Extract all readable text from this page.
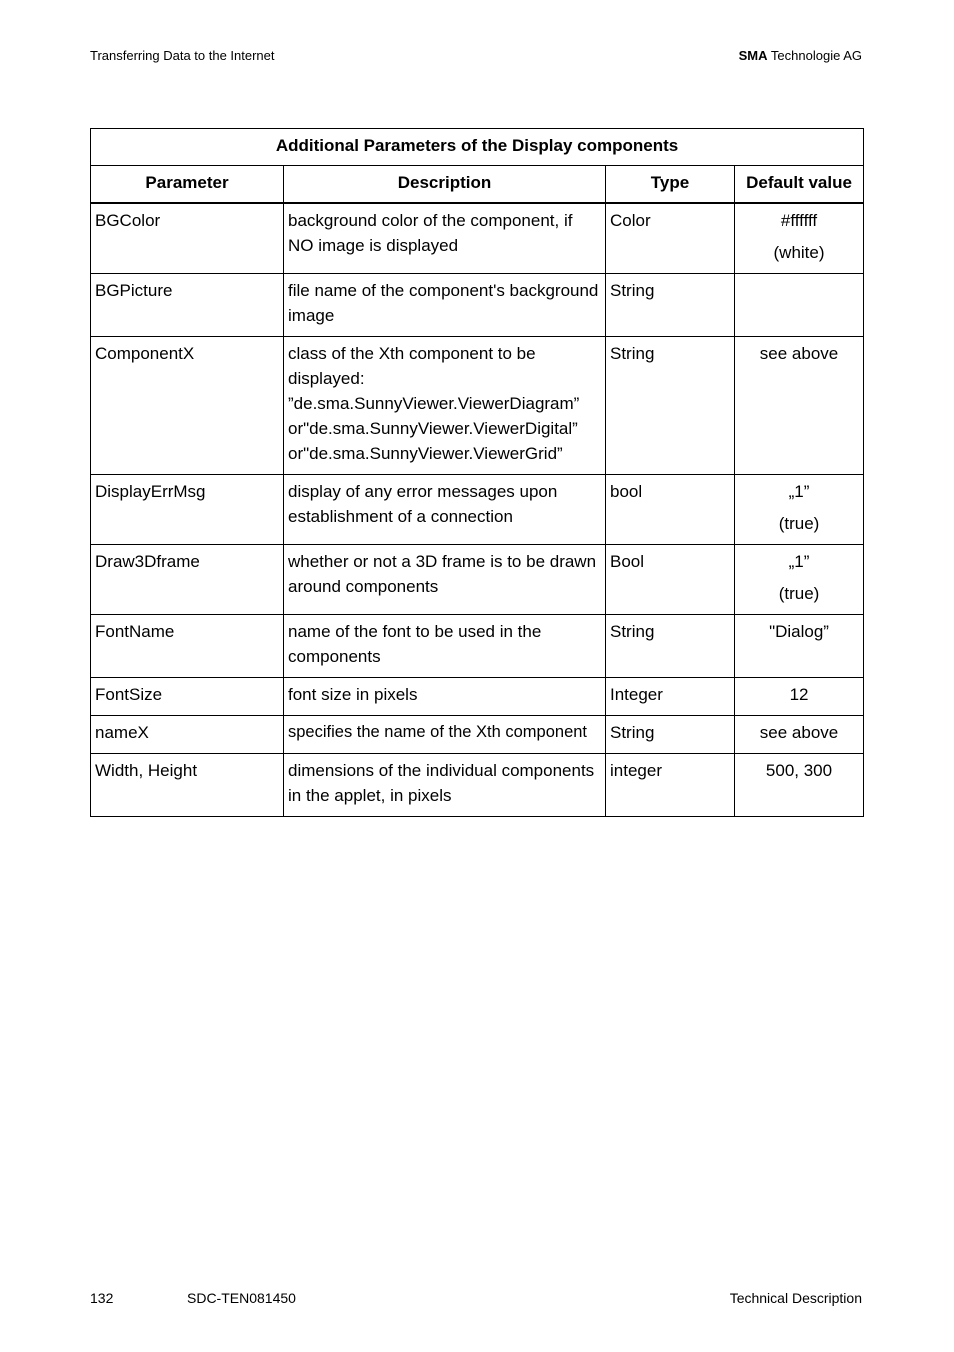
Transferring Data to the Internet	SMA Technologie AG
Additional Parameters of the Display components			
Parameter	Description	Type	Default value
BGColor	background color of the component, if NO image is displayed	Color	#ffffff
(white)

BGPicture	file name of the component's background image	String	
ComponentX	class of the Xth component to be displayed: ”de.sma.SunnyViewer.ViewerDiagram” or"de.sma.SunnyViewer.ViewerDigital” or"de.sma.SunnyViewer.ViewerGrid”	String	see above

DisplayErrMsg	display of any error messages upon establishment of a connection	bool	„1”
(true)

Draw3Dframe	whether or not a 3D frame is to be drawn around components	Bool	„1”
(true)

FontName	name of the font to be used in the components	String	"Dialog”

FontSize	font size in pixels	Integer	12

nameX	specifies the name of the Xth component	String	see above

Width, Height	dimensions of the individual components in the applet, in pixels	integer	500, 300
132	SDC-TEN081450	Technical Description
